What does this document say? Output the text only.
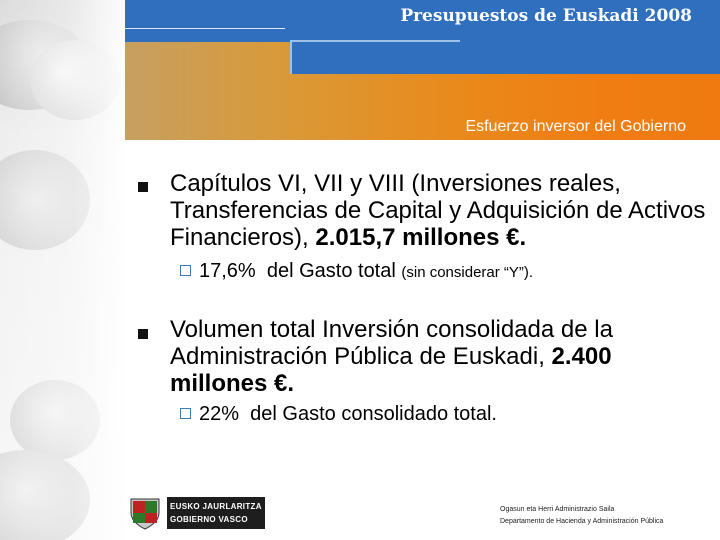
Presupuestos de Euskadi 2008
Esfuerzo inversor del Gobierno
Capítulos VI, VII y VIII (Inversiones reales, Transferencias de Capital y Adquisición de Activos Financieros), 2.015,7 millones €.
17,6% del Gasto total (sin considerar “Y”).
Volumen total Inversión consolidada de la Administración Pública de Euskadi, 2.400 millones €.
22% del Gasto consolidado total.
EUSKO JAURLARITZA
GOBIERNO VASCO
Ogasun eta Herri Administrazio Saila
Departamento de Hacienda y Administración Pública
